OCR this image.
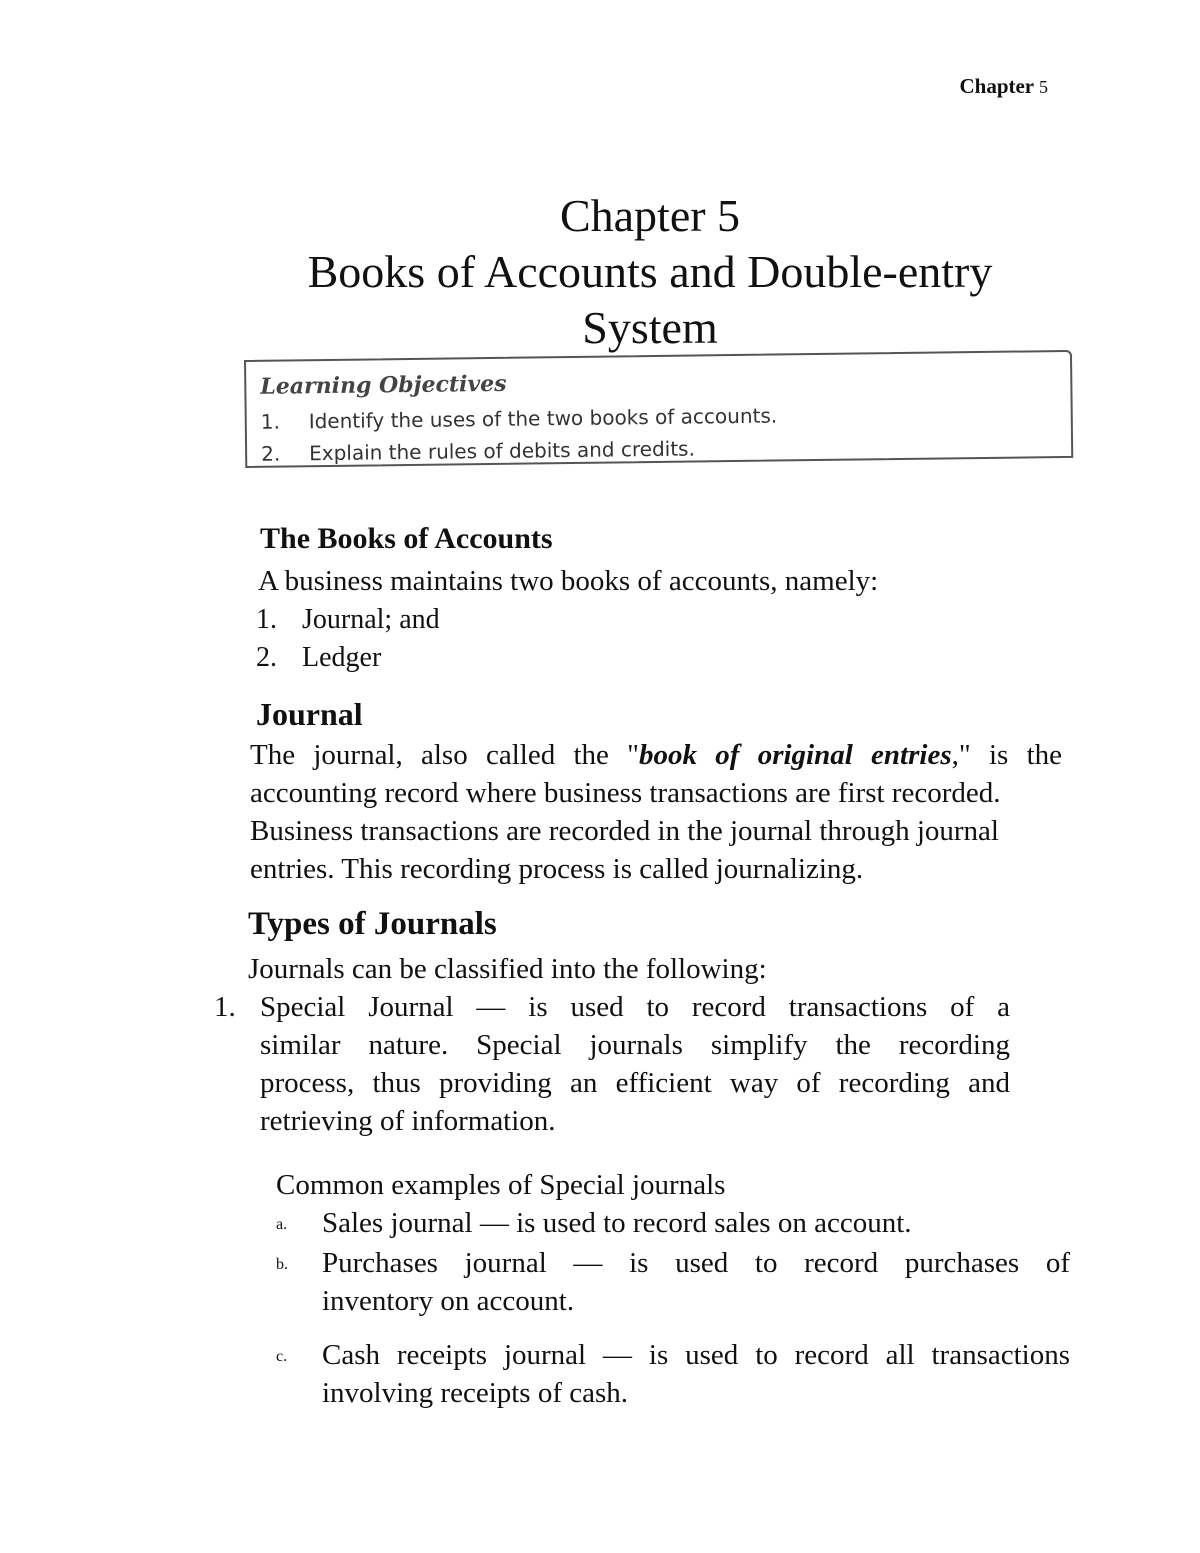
Chapter 5
Chapter 5
Books of Accounts and Double-entry
System
Learning Objectives
1. Identify the uses of the two books of accounts.
2. Explain the rules of debits and credits.
The Books of Accounts
A business maintains two books of accounts, namely:
1. Journal; and
2. Ledger
Journal
The journal, also called the "book of original entries," is the
accounting record where business transactions are first recorded.
Business transactions are recorded in the journal through journal
entries. This recording process is called journalizing.
Types of Journals
Journals can be classified into the following:
1. Special Journal — is used to record transactions of a
similar nature. Special journals simplify the recording
process, thus providing an efficient way of recording and
retrieving of information.
Common examples of Special journals
a. Sales journal — is used to record sales on account.
b. Purchases journal — is used to record purchases of
inventory on account.
c. Cash receipts journal — is used to record all transactions
involving receipts of cash.
